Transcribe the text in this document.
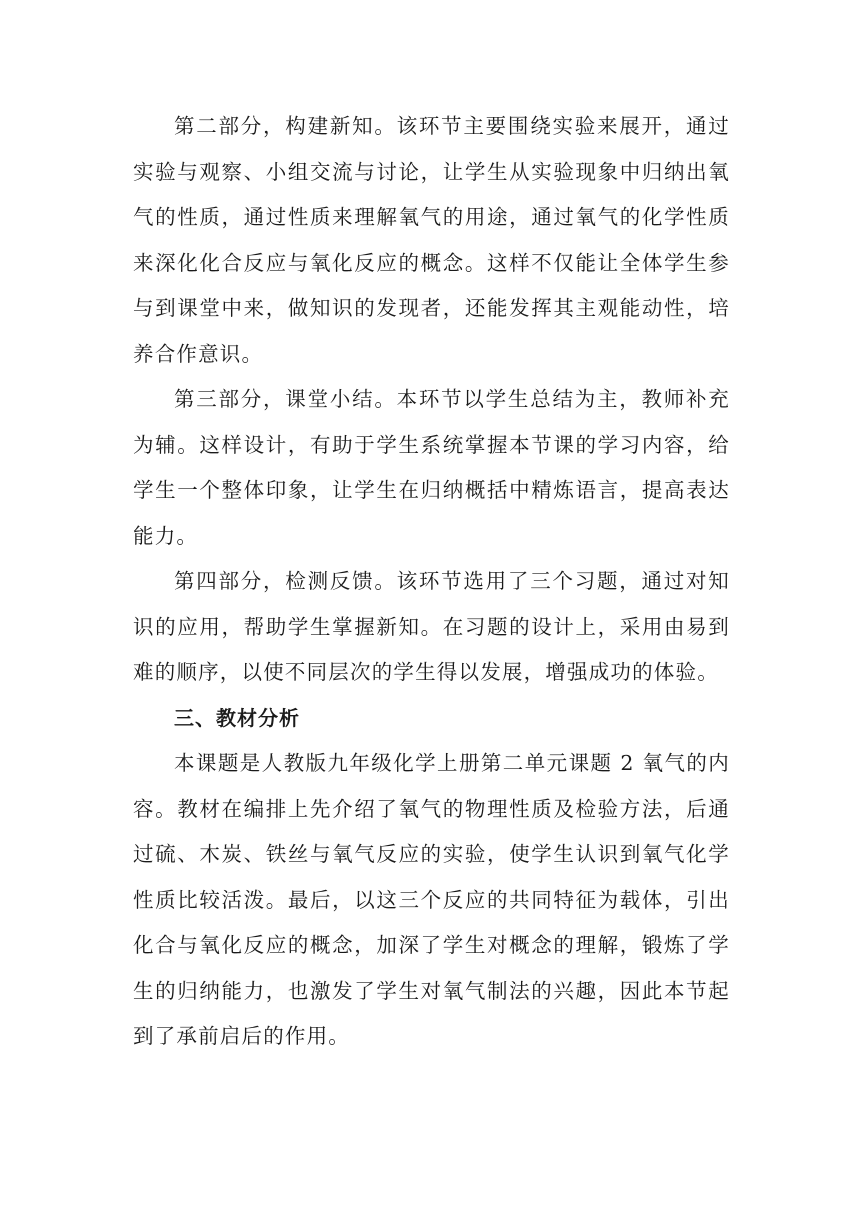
第二部分，构建新知。该环节主要围绕实验来展开，通过实验与观察、小组交流与讨论，让学生从实验现象中归纳出氧气的性质，通过性质来理解氧气的用途，通过氧气的化学性质来深化化合反应与氧化反应的概念。这样不仅能让全体学生参与到课堂中来，做知识的发现者，还能发挥其主观能动性，培养合作意识。

第三部分，课堂小结。本环节以学生总结为主，教师补充为辅。这样设计，有助于学生系统掌握本节课的学习内容，给学生一个整体印象，让学生在归纳概括中精炼语言，提高表达能力。

第四部分，检测反馈。该环节选用了三个习题，通过对知识的应用，帮助学生掌握新知。在习题的设计上，采用由易到难的顺序，以使不同层次的学生得以发展，增强成功的体验。

三、教材分析

本课题是人教版九年级化学上册第二单元课题 2 氧气的内容。教材在编排上先介绍了氧气的物理性质及检验方法，后通过硫、木炭、铁丝与氧气反应的实验，使学生认识到氧气化学性质比较活泼。最后，以这三个反应的共同特征为载体，引出化合与氧化反应的概念，加深了学生对概念的理解，锻炼了学生的归纳能力，也激发了学生对氧气制法的兴趣，因此本节起到了承前启后的作用。
